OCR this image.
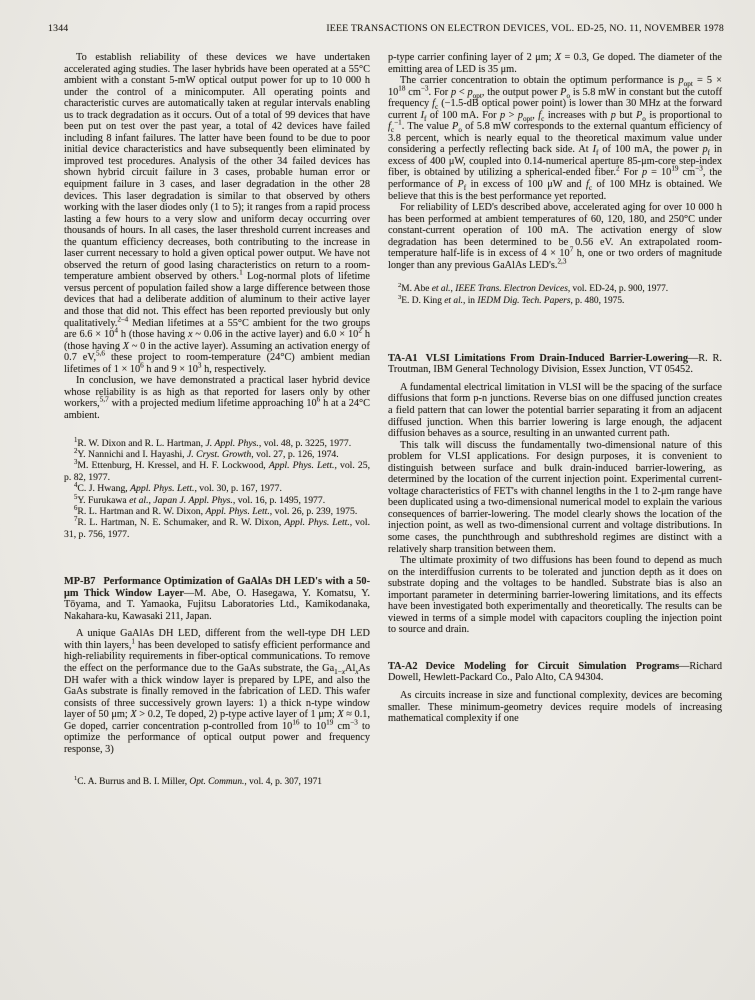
1344	IEEE TRANSACTIONS ON ELECTRON DEVICES, VOL. ED-25, NO. 11, NOVEMBER 1978

To establish reliability of these devices we have undertaken accelerated aging studies. The laser hybrids have been operated at a 55°C ambient with a constant 5-mW optical output power for up to 10 000 h under the control of a minicomputer. All operating points and characteristic curves are automatically taken at regular intervals enabling us to track degradation as it occurs. Out of a total of 99 devices that have been put on test over the past year, a total of 42 devices have failed including 8 infant failures. The latter have been found to be due to poor initial device characteristics and have subsequently been eliminated by improved test procedures. Analysis of the other 34 failed devices has shown hybrid circuit failure in 3 cases, probable human error or equipment failure in 3 cases, and laser degradation in the other 28 devices. This laser degradation is similar to that observed by others working with the laser diodes only (1 to 5); it ranges from a rapid process lasting a few hours to a very slow and uniform decay occurring over thousands of hours. In all cases, the laser threshold current increases and the quantum efficiency decreases, both contributing to the increase in laser current necessary to hold a given optical power output. We have not observed the return of good lasing characteristics on return to a room-temperature ambient observed by others.$^1$ Log-normal plots of lifetime versus percent of population failed show a large difference between those devices that had a deliberate addition of aluminum to their active layer and those that did not. This effect has been reported previously but only qualitatively.$^{2-4}$ Median lifetimes at a 55°C ambient for the two groups are $6.6 \times 10^4$ h (those having x ~ 0.06 in the active layer) and $6.0 \times 10^2$ h (those having X ~ 0 in the active layer). Assuming an activation energy of 0.7 eV,$^{5,6}$ these project to room-temperature (24°C) ambient median lifetimes of $1 \times 10^6$ h and $9 \times 10^3$ h, respectively.

In conclusion, we have demonstrated a practical laser hybrid device whose reliability is as high as that reported for lasers only by other workers,$^{5,7}$ with a projected medium lifetime approaching $10^6$ h at a 24°C ambient.

$^1$R. W. Dixon and R. L. Hartman, J. Appl. Phys., vol. 48, p. 3225, 1977.

$^2$Y. Nannichi and I. Hayashi, J. Cryst. Growth, vol. 27, p. 126, 1974.

$^3$M. Ettenburg, H. Kressel, and H. F. Lockwood, Appl. Phys. Lett., vol. 25, p. 82, 1977.

$^4$C. J. Hwang, Appl. Phys. Lett., vol. 30, p. 167, 1977.

$^5$Y. Furukawa et al., Japan J. Appl. Phys., vol. 16, p. 1495, 1977.

$^6$R. L. Hartman and R. W. Dixon, Appl. Phys. Lett., vol. 26, p. 239, 1975.

$^7$R. L. Hartman, N. E. Schumaker, and R. W. Dixon, Appl. Phys. Lett., vol. 31, p. 756, 1977.

MP-B7 Performance Optimization of GaAlAs DH LED's with a 50-μm Thick Window Layer—M. Abe, O. Hasegawa, Y. Komatsu, Y. Tōyama, and T. Yamaoka, Fujitsu Laboratories Ltd., Kamikodanaka, Nakahara-ku, Kawasaki 211, Japan.

A unique GaAlAs DH LED, different from the well-type DH LED with thin layers,$^1$ has been developed to satisfy efficient performance and high-reliability requirements in fiber-optical communications. To remove the effect on the performance due to the GaAs substrate, the $Ga_{1-x}Al_xAs$ DH wafer with a thick window layer is prepared by LPE, and also the GaAs substrate is finally removed in the fabrication of LED. This wafer consists of three successively grown layers: 1) a thick n-type window layer of 50 μm; X > 0.2, Te doped, 2) p-type active layer of 1 μm; X ≈ 0.1, Ge doped, carrier concentration p-controlled from $10^{16}$ to $10^{19}$ $cm^{-3}$ to optimize the performance of optical output power and frequency response, 3)

$^1$C. A. Burrus and B. I. Miller, Opt. Commun., vol. 4, p. 307, 1971

p-type carrier confining layer of 2 μm; X = 0.3, Ge doped. The diameter of the emitting area of LED is 35 μm.

The carrier concentration to obtain the optimum performance is $p_{opt} = 5 \times 10^{18}$ $cm^{-3}$. For $p < p_{opt}$, the output power $P_o$ is 5.8 mW in constant but the cutoff frequency $f_c$ (−1.5-dB optical power point) is lower than 30 MHz at the forward current $I_f$ of 100 mA. For $p > p_{opt}$, $f_c$ increases with p but $P_o$ is proportional to $f_c^{-1}$. The value $P_o$ of 5.8 mW corresponds to the external quantum efficiency of 3.8 percent, which is nearly equal to the theoretical maximum value under considering a perfectly reflecting back side. At $I_f$ of 100 mA, the power $p_f$ in excess of 400 μW, coupled into 0.14-numerical aperture 85-μm-core step-index fiber, is obtained by utilizing a spherical-ended fiber.$^2$ For $p = 10^{19}$ $cm^{-3}$, the performance of $P_f$ in excess of 100 μW and $f_c$ of 100 MHz is obtained. We believe that this is the best performance yet reported.

For reliability of LED's described above, accelerated aging for over 10 000 h has been performed at ambient temperatures of 60, 120, 180, and 250°C under constant-current operation of 100 mA. The activation energy of slow degradation has been determined to be 0.56 eV. An extrapolated room-temperature half-life is in excess of $4 \times 10^7$ h, one or two orders of magnitude longer than any previous GaAlAs LED's.$^{2,3}$

$^2$M. Abe et al., IEEE Trans. Electron Devices, vol. ED-24, p. 900, 1977.

$^3$E. D. King et al., in IEDM Dig. Tech. Papers, p. 480, 1975.

TA-A1 VLSI Limitations From Drain-Induced Barrier-Lowering—R. R. Troutman, IBM General Technology Division, Essex Junction, VT 05452.

A fundamental electrical limitation in VLSI will be the spacing of the surface diffusions that form p-n junctions. Reverse bias on one diffused junction creates a field pattern that can lower the potential barrier separating it from an adjacent diffused junction. When this barrier lowering is large enough, the adjacent diffusion behaves as a source, resulting in an unwanted current path.

This talk will discuss the fundamentally two-dimensional nature of this problem for VLSI applications. For design purposes, it is convenient to distinguish between surface and bulk drain-induced barrier-lowering, as determined by the location of the current injection point. Experimental current-voltage characteristics of FET's with channel lengths in the 1 to 2-μm range have been duplicated using a two-dimensional numerical model to explain the various consequences of barrier-lowering. The model clearly shows the location of the injection point, as well as two-dimensional current and voltage distributions. In some cases, the punchthrough and subthreshold regimes are distinct with a relatively sharp transition between them.

The ultimate proximity of two diffusions has been found to depend as much on the interdiffusion currents to be tolerated and junction depth as it does on substrate doping and the voltages to be handled. Substrate bias is also an important parameter in determining barrier-lowering limitations, and its effects have been investigated both experimentally and theoretically. The results can be viewed in terms of a simple model with capacitors coupling the injection point to source and drain.

TA-A2 Device Modeling for Circuit Simulation Programs—Richard Dowell, Hewlett-Packard Co., Palo Alto, CA 94304.

As circuits increase in size and functional complexity, devices are becoming smaller. These minimum-geometry devices require models of increasing mathematical complexity if one
